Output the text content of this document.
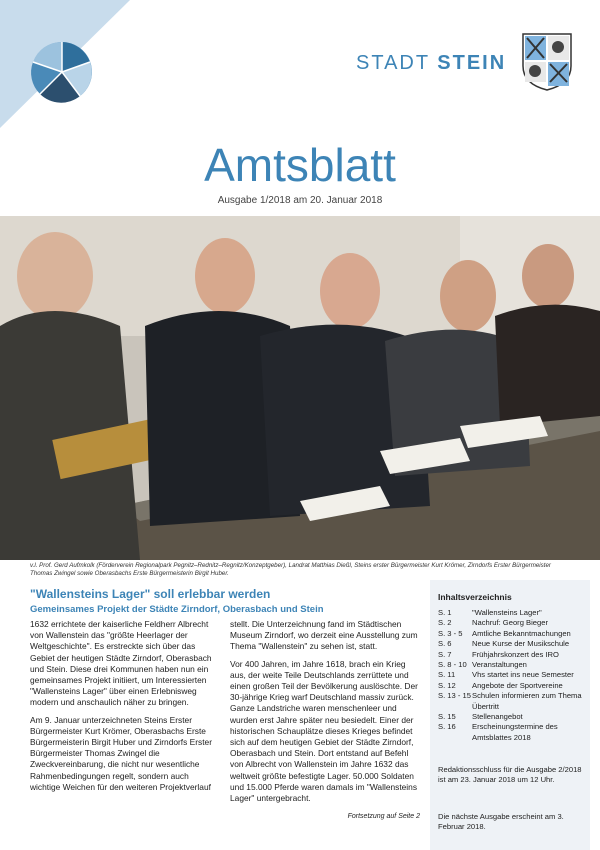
STADT STEIN
Amtsblatt
Ausgabe 1/2018 am 20. Januar 2018
v.l. Prof. Gerd Aufmkolk (Förderverein Regionalpark Pegnitz–Rednitz–Regnitz/Konzeptgeber), Landrat Matthias Dießl, Steins erster Bürgermeister Kurt Krömer, Zirndorfs Erster Bürgermeister Thomas Zwingel sowie Oberasbachs Erste Bürgermeisterin Birgit Huber.
"Wallensteins Lager" soll erlebbar werden
Gemeinsames Projekt der Städte Zirndorf, Oberasbach und Stein

1632 errichtete der kaiserliche Feldherr Albrecht von Wallenstein das "größte Heerlager der Weltgeschichte". Es erstreckte sich über das Gebiet der heutigen Städte Zirndorf, Oberasbach und Stein. Diese drei Kommunen haben nun ein gemeinsames Projekt initiiert, um Interessierten "Wallensteins Lager" über einen Erlebnisweg modern und anschaulich näher zu bringen.

Am 9. Januar unterzeichneten Steins Erster Bürgermeister Kurt Krömer, Oberasbachs Erste Bürgermeisterin Birgit Huber und Zirndorfs Erster Bürgermeister Thomas Zwingel die Zweckvereinbarung, die nicht nur wesentliche Rahmenbedingungen regelt, sondern auch wichtige Weichen für den weiteren Projektverlauf

stellt. Die Unterzeichnung fand im Städtischen Museum Zirndorf, wo derzeit eine Ausstellung zum Thema "Wallenstein" zu sehen ist, statt.

Vor 400 Jahren, im Jahre 1618, brach ein Krieg aus, der weite Teile Deutschlands zerrüttete und einen großen Teil der Bevölkerung auslöschte. Der 30-jährige Krieg warf Deutschland massiv zurück. Ganze Landstriche waren menschenleer und wurden erst Jahre später neu besiedelt. Einer der historischen Schauplätze dieses Krieges befindet sich auf dem heutigen Gebiet der Städte Zirndorf, Oberasbach und Stein. Dort entstand auf Befehl von Albrecht von Wallenstein im Jahre 1632 das weltweit größte befestigte Lager. 50.000 Soldaten und 15.000 Pferde waren damals im "Wallensteins Lager" untergebracht.

Fortsetzung auf Seite 2
Inhaltsverzeichnis
S. 1	"Wallensteins Lager"
S. 2	Nachruf: Georg Bieger
S. 3 - 5	Amtliche Bekanntmachungen
S. 6	Neue Kurse der Musikschule
S. 7	Frühjahrskonzert des IRO
S. 8 - 10 Veranstaltungen
S. 11	Vhs startet ins neue Semester
S. 12	Angebote der Sportvereine
S. 13 - 15 Schulen informieren zum Thema Übertritt
S. 15	Stellenangebot
S. 16	Erscheinungstermine des Amtsblattes 2018
Redaktionsschluss für die Ausgabe 2/2018 ist am 23. Januar 2018 um 12 Uhr.
Die nächste Ausgabe erscheint am 3. Februar 2018.
